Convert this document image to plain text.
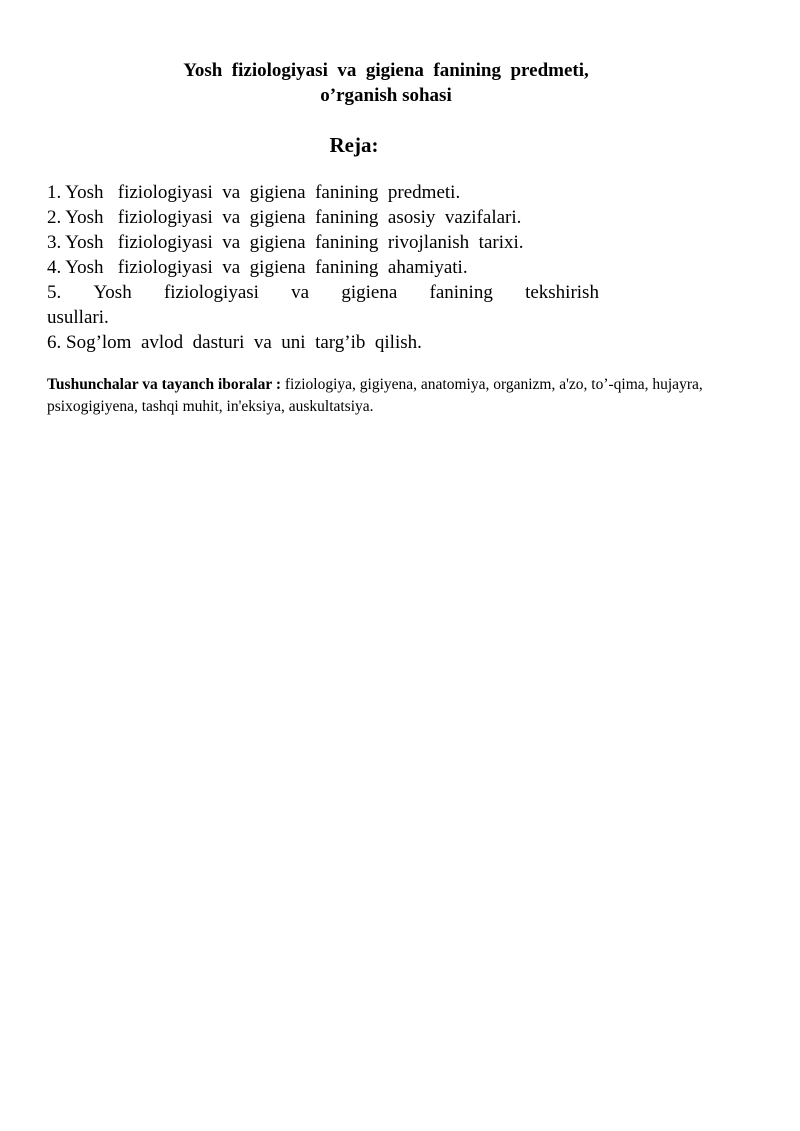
Yosh  fiziologiyasi  va  gigiena  fanining  predmeti,
o’rganish sohasi
Reja:
1. Yosh   fiziologiyasi  va  gigiena  fanining  predmeti.
2. Yosh   fiziologiyasi  va  gigiena  fanining  asosiy  vazifalari.
3. Yosh   fiziologiyasi  va  gigiena  fanining  rivojlanish  tarixi.
4. Yosh   fiziologiyasi  va  gigiena  fanining  ahamiyati.
5. Yosh fiziologiyasi va gigiena fanining tekshirish
usullari.
6. Sog’lom  avlod  dasturi  va  uni  targ’ib  qilish.
Tushunchalar va tayanch iboralar : fiziologiya, gigiyena, anatomiya, organizm, a'zo, to’-qima, hujayra, psixogigiyena, tashqi muhit, in'eksiya, auskultatsiya.
